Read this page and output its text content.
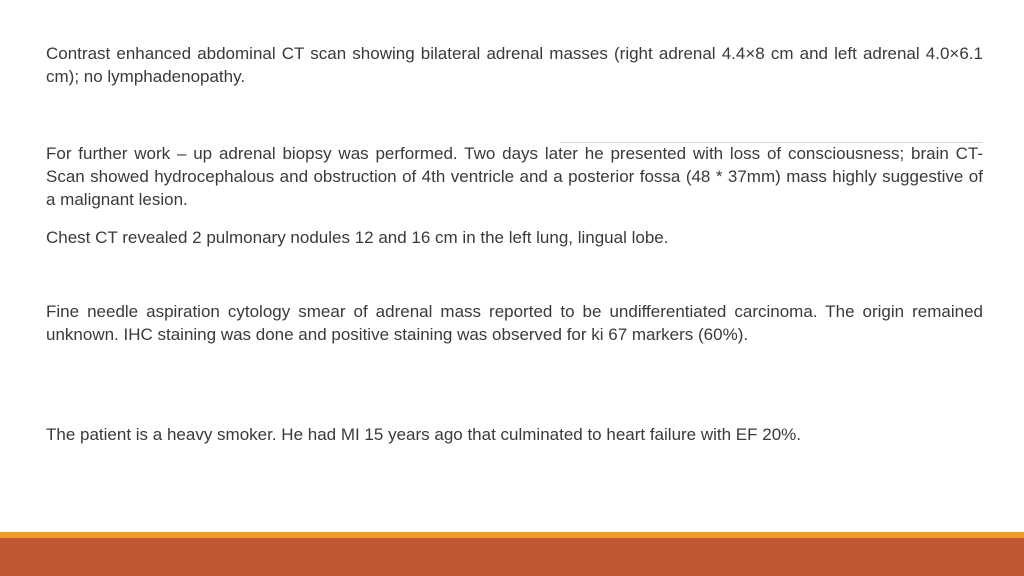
Contrast enhanced abdominal CT scan showing bilateral adrenal masses (right adrenal 4.4×8 cm and left adrenal 4.0×6.1 cm); no lymphadenopathy.

For further work – up adrenal biopsy was performed. Two days later he presented with loss of consciousness; brain CT- Scan showed hydrocephalous and obstruction of 4th ventricle and a posterior fossa (48 * 37mm) mass highly suggestive of a malignant lesion.

Chest CT revealed 2 pulmonary nodules 12 and 16 cm in the left lung, lingual lobe.

Fine needle aspiration cytology smear of adrenal mass reported to be undifferentiated carcinoma. The origin remained unknown. IHC staining was done and positive staining was observed for ki 67 markers (60%).

The patient is a heavy smoker. He had MI 15 years ago that culminated to heart failure with EF 20%.
